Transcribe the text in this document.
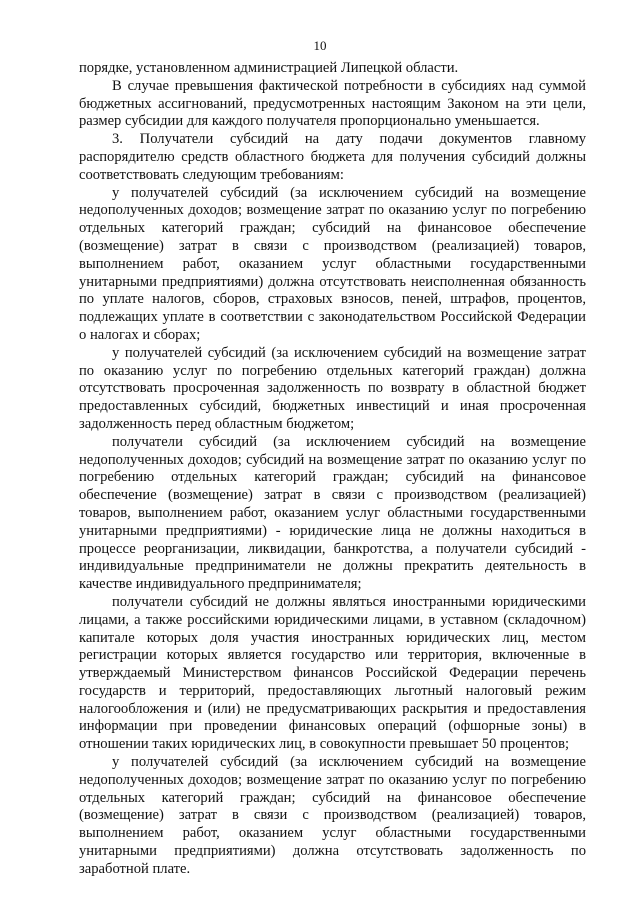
10

порядке, установленном администрацией Липецкой области.

В случае превышения фактической потребности в субсидиях над суммой бюджетных ассигнований, предусмотренных настоящим Законом на эти цели, размер субсидии для каждого получателя пропорционально уменьшается.

3. Получатели субсидий на дату подачи документов главному распорядителю средств областного бюджета для получения субсидий должны соответствовать следующим требованиям:

у получателей субсидий (за исключением субсидий на возмещение недополученных доходов; возмещение затрат по оказанию услуг по погребению отдельных категорий граждан; субсидий на финансовое обеспечение (возмещение) затрат в связи с производством (реализацией) товаров, выполнением работ, оказанием услуг областными государственными унитарными предприятиями) должна отсутствовать неисполненная обязанность по уплате налогов, сборов, страховых взносов, пеней, штрафов, процентов, подлежащих уплате в соответствии с законодательством Российской Федерации о налогах и сборах;

у получателей субсидий (за исключением субсидий на возмещение затрат по оказанию услуг по погребению отдельных категорий граждан) должна отсутствовать просроченная задолженность по возврату в областной бюджет предоставленных субсидий, бюджетных инвестиций и иная просроченная задолженность перед областным бюджетом;

получатели субсидий (за исключением субсидий на возмещение недополученных доходов; субсидий на возмещение затрат по оказанию услуг по погребению отдельных категорий граждан; субсидий на финансовое обеспечение (возмещение) затрат в связи с производством (реализацией) товаров, выполнением работ, оказанием услуг областными государственными унитарными предприятиями) - юридические лица не должны находиться в процессе реорганизации, ликвидации, банкротства, а получатели субсидий - индивидуальные предприниматели не должны прекратить деятельность в качестве индивидуального предпринимателя;

получатели субсидий не должны являться иностранными юридическими лицами, а также российскими юридическими лицами, в уставном (складочном) капитале которых доля участия иностранных юридических лиц, местом регистрации которых является государство или территория, включенные в утверждаемый Министерством финансов Российской Федерации перечень государств и территорий, предоставляющих льготный налоговый режим налогообложения и (или) не предусматривающих раскрытия и предоставления информации при проведении финансовых операций (офшорные зоны) в отношении таких юридических лиц, в совокупности превышает 50 процентов;

у получателей субсидий (за исключением субсидий на возмещение недополученных доходов; возмещение затрат по оказанию услуг по погребению отдельных категорий граждан; субсидий на финансовое обеспечение (возмещение) затрат в связи с производством (реализацией) товаров, выполнением работ, оказанием услуг областными государственными унитарными предприятиями) должна отсутствовать задолженность по заработной плате.
